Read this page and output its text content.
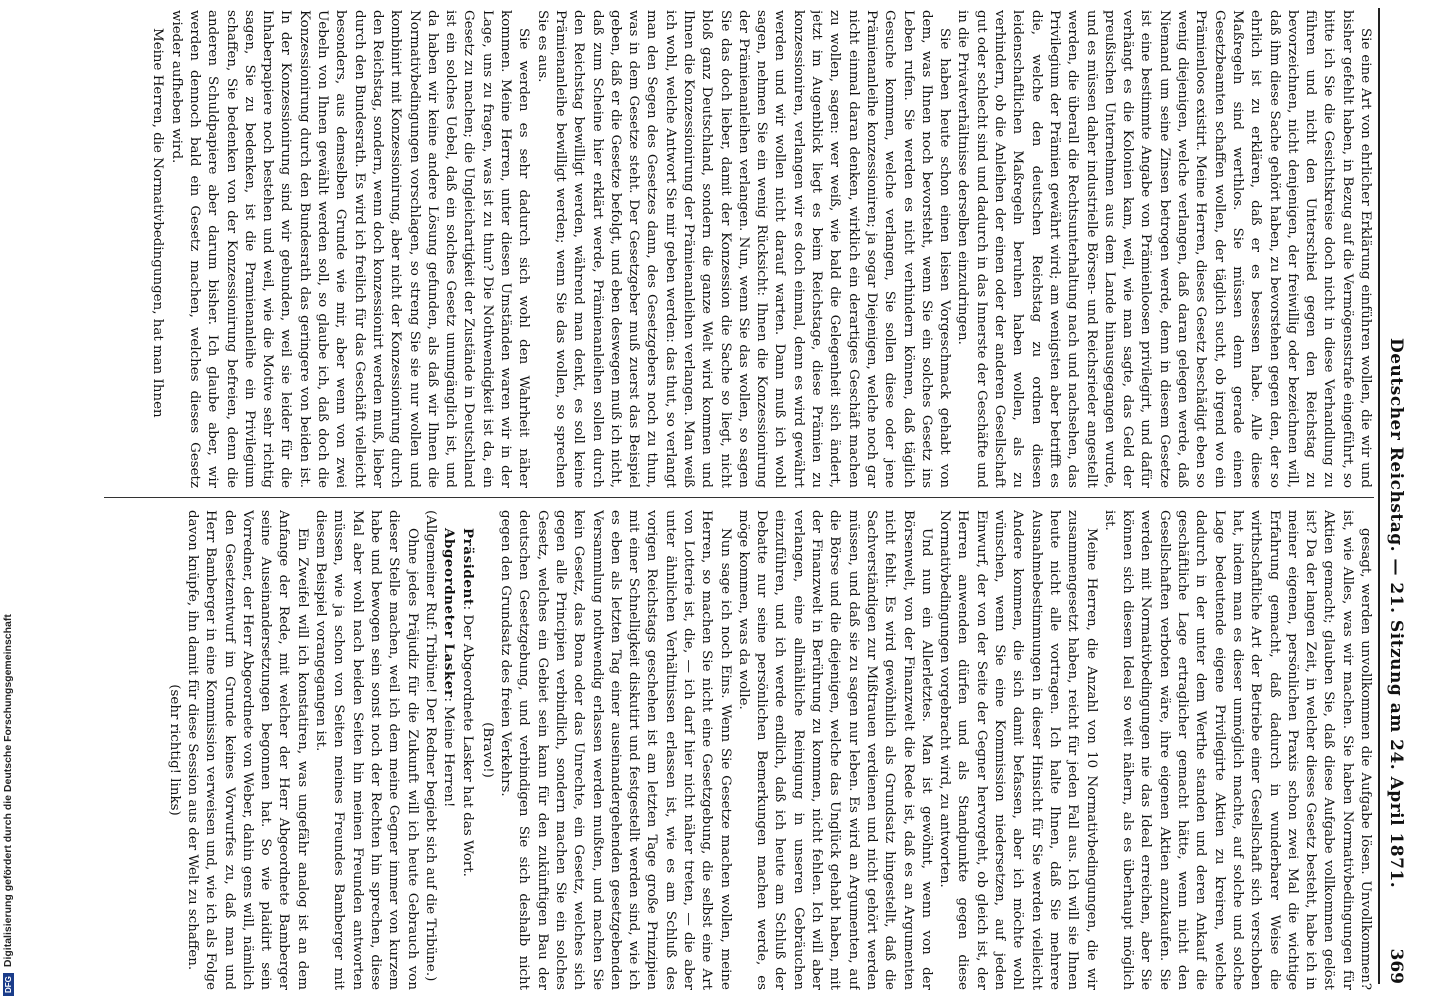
Deutscher Reichstag. — 21. Sitzung am 24. April 1871.
369

Sie eine Art von ehrlicher Erklärung einführen wollen, die wir und bisher gefehlt haben, in Bezug auf die Vermögensstrafe eingeführt, so bitte ich Sie die Gesichtskreise doch nicht in diese Verhandlung zu führen und nicht den Unterschied gegen den Reichstag zu bevorzeichnen, nicht denjenigen, der freiwillig oder bezeichnen will, daß ihm diese Sache gehört haben, zu bevorstehen gegen den, der so ehrlich ist zu erklären, daß er es besessen habe. Alle diese Maßregeln sind werthlos. Sie müssen denn gerade einen Gesetzbeamten schaffen wollen, der täglich sucht, ob irgend wo ein Prämienloos existirt. Meine Herren, dieses Gesetz beschädigt eben so wenig diejenigen, welche verlangen, daß daran gelegen werde, daß Niemand um seine Zinsen betrogen werde, denn in diesem Gesetze ist eine bestimmte Angabe von Prämienloosen privilegirt, und dafür verhängt es die Kolonien kam, weil, wie man sagte, das Geld der preußischen Unternehmen aus dem Lande hinausgegangen wurde, und es müssen daher industrielle Börsen- und Reichsrieder angestellt werden, die überall die Rechtsunterhaltung nach und nachsehen, das Privilegium der Prämien gewährt wird; am wenigsten aber betrifft es die, welche den deutschen Reichstag zu ordnen diesen leidenschaftlichen Maßregeln beruhen haben wollen, als zu verhindern, ob die Anleihen der einen oder der anderen Gesellschaft gut oder schlecht sind und dadurch in das Innerste der Geschäfte und in die Privatverhältnisse derselben einzudringen.

Sie haben heute schon einen leisen Vorgeschmack gehabt von dem, was Ihnen noch bevorsteht, wenn Sie ein solches Gesetz ins Leben rufen. Sie werden es nicht verhindern können, daß täglich Gesuche kommen, welche verlangen, Sie sollen diese oder jene Prämienanleihe konzessioniren; ja sogar Diejenigen, welche noch gar nicht einmal daran denken, wirklich ein derartiges Geschäft machen zu wollen, sagen: wer weiß, wie bald die Gelegenheit sich ändert, jetzt im Augenblick liegt es beim Reichstage, diese Prämien zu konzessioniren, verlangen wir es doch einmal, denn es wird gewährt werden und wir wollen nicht darauf warten. Dann muß ich wohl sagen, nehmen Sie ein wenig Rücksicht: Ihnen die Konzessionirung der Prämienanleihen verlangen. Nun, wenn Sie das wollen, so sagen Sie das doch lieber, damit der Konzession die Sache so liegt, nicht bloß ganz Deutschland, sondern die ganze Welt wird kommen und Ihnen die Konzessionirung der Prämienanleihen verlangen. Man weiß ich wohl, welche Antwort Sie mir geben werden: das thut, so verlangt man den Segen des Gesetzes dann, des Gesetzgebers noch zu thun, was in dem Gesetze steht. Der Gesetzgeber muß zuerst das Beispiel geben, daß er die Gesetze befolgt, und eben deswegen muß ich nicht, daß zum Scheine hier erklärt werde, Prämienanleihen sollen durch den Reichstag bewilligt werden, während man denkt, es soll keine Prämienanleihe bewilligt werden; wenn Sie das wollen, so sprechen Sie es aus.

Sie werden es sehr dadurch sich wohl den Wahrheit näher kommen. Meine Herren, unter diesen Umständen waren wir in der Lage, uns zu fragen, was ist zu thun? Die Nothwendigkeit ist da, ein Gesetz zu machen; die Ungleichartigkeit der Zustände in Deutschland ist ein solches Uebel, daß ein solches Gesetz unumgänglich ist, und da haben wir keine andere Lösung gefunden, als daß wir Ihnen die Normativbedingungen vorschlagen, so streng Sie sie nur wollen und kombinirt mit Konzessionirung, aber nicht der Konzessionirung durch den Reichstag, sondern, wenn doch konzessionirt werden muß, lieber durch den Bundesrath. Es wird ich freilich für das Geschäft vielleicht besonders, aus demselben Grunde wie mir, aber wenn von zwei Uebeln von Ihnen gewählt werden soll, so glaube ich, daß doch die Konzessionirung durch den Bundesrath das geringere von beiden ist. In der Konzessionirung sind wir gebunden, weil sie leider für die Inhaberpapiere noch bestehen und weil, wie die Motive sehr richtig sagen, Sie zu bedenken, ist die Pramienanleihe ein Privilegium schaffen, Sie bedenken von der Konzessionirung befreien, denn die anderen Schuldpapiere aber darum bisher. Ich glaube aber, wir werden dennoch bald ein Gesetz machen, welches dieses Gesetz wieder aufheben wird.

Meine Herren, die Normativbedingungen, hat man Ihnen

gesagt, werden unvollkommen die Aufgabe lösen. Unvollkommen? ist, wie Alles, was wir machen. Sie haben Normativbedingungen für Aktien gemacht; glauben Sie, daß diese Aufgabe vollkommen gelöst ist? Da der langen Zeit, in welcher dieses Gesetz besteht, habe ich in meiner eigenen, persönlichen Praxis schon zwei Mal die wichtige Erfahrung gemacht, daß dadurch in wunderbarer Weise die wirthschaftliche Art der Betriebe einer Gesellschaft sich verschoben hat, indem man es dieser unmöglich machte, auf solche und solche Lage bedeutende eigene Privilegirte Aktien zu kreiren, welche dadurch in der unter dem Werthe standen und deren Ankauf die geschäftliche Lage ertraglicher gemacht hätte, wenn nicht den Gesellschaften verboten wäre, ihre eigenen Aktien anzukaufen. Sie werden mit Normativbedingungen nie das Ideal erreichen, aber Sie können sich diesem Ideal so weit nähern, als es überhaupt möglich ist.

Meine Herren, die Anzahl von 10 Normativbedingungen, die wir zusammengesetzt haben, reicht für jeden Fall aus. Ich will sie Ihnen heute nicht alle vortragen. Ich halte Ihnen, daß Sie mehrere Ausnahmebestimmungen in dieser Hinsicht für Sie werden vielleicht Andere kommen, die sich damit befassen, aber ich möchte wohl wünschen, wenn Sie eine Kommission niedersetzen, auf jeden Einwurf, der von der Seite der Gegner hervorgeht, ob gleich ist, der Herren anwenden dürfen und als Standpunkte gegen diese Normativbedingungen vorgebracht wird, zu antworten.

Und nun ein Allerletztes. Man ist gewöhnt, wenn von der Börsenwelt, von der Finanzwelt die Rede ist, daß es an Argumenten nicht fehlt. Es wird gewöhnlich als Grundsatz hingestellt, daß die Sachverständigen zur Mißtrauen verdienen und nicht gehört werden müssen, und daß sie zu sagen nur leben. Es wird an Argumenten, auf die Börse und die diejenigen, welche das Unglück gehabt haben, mit der Finanzwelt in Berührung zu kommen, nicht fehlen. Ich will aber verlangen, eine allmähliche Reinigung in unseren Gebräuchen einzuführen, und ich werde endlich, daß ich heute am Schluß der Debatte nur seine persönlichen Bemerkungen machen werde, es möge kommen, was da wolle.

Nun sage ich noch Eins. Wenn Sie Gesetze machen wollen, meine Herren, so machen Sie nicht eine Gesetzgebung, die selbst eine Art von Lotterie ist, die, — ich darf hier nicht näher treten, — die aber unter ähnlichen Verhältnissen erlassen ist, wie es am Schluß des vorigen Reichstags geschehen ist am letzten Tage große Prinzipien mit einer Schnelligkeit diskutirt und festgestellt werden sind, wie ich es eben als letzten Tag einer auseinandergehenden gesetzgebenden Versammlung nothwendig erlassen werden mußten, und machen Sie kein Gesetz, das Bona oder das Unrechte, ein Gesetz, welches sich gegen alle Principien verbindlich, sondern machen Sie ein solches Gesetz, welches ein Gebiet sein kann für den zukünftigen Bau der deutschen Gesetzgebung, und verbindigen Sie sich deshalb nicht gegen den Grundsatz des freien Verkehrs.

(Bravo!)

Präsident: Der Abgeordnete Lasker hat das Wort.

Abgeordneter Lasker: Meine Herren!

(Allgemeiner Ruf: Tribüne! Der Redner begiebt sich auf die Tribüne.)

Ohne jedes Präjudiz für die Zukunft will ich heute Gebrauch von dieser Stelle machen, weil ich dem meine Gegner immer von kurzem habe und bewogen sein sonst noch der Rechten hin sprechen, diese Mal aber wohl nach beiden Seiten hin meinen Freunden antworten müssen, wie ja schon von Seiten meines Freundes Bamberger mit diesem Beispiel vorangegangen ist.

Ein Zweifel will ich konstatiren, was ungefähr analog ist an dem Anfange der Rede, mit welcher der Herr Abgeordnete Bamberger seine Auseinandersetzungen begonnen hat. So wie plaidirt sein Vorredner, der Herr Abgeordnete von Weber, dahin gens will, nämlich den Gesetzentwurf im Grunde keines Vorwurfes zu, daß man und Herr Bamberger in eine Kommission verweisen und, wie ich als Folge davon knüpfe, ihn damit für diese Session aus der Welt zu schaffen.

(sehr richtig! links)

DFGDigitalisierung gefördert durch die Deutsche Forschungsgemeinschaft
